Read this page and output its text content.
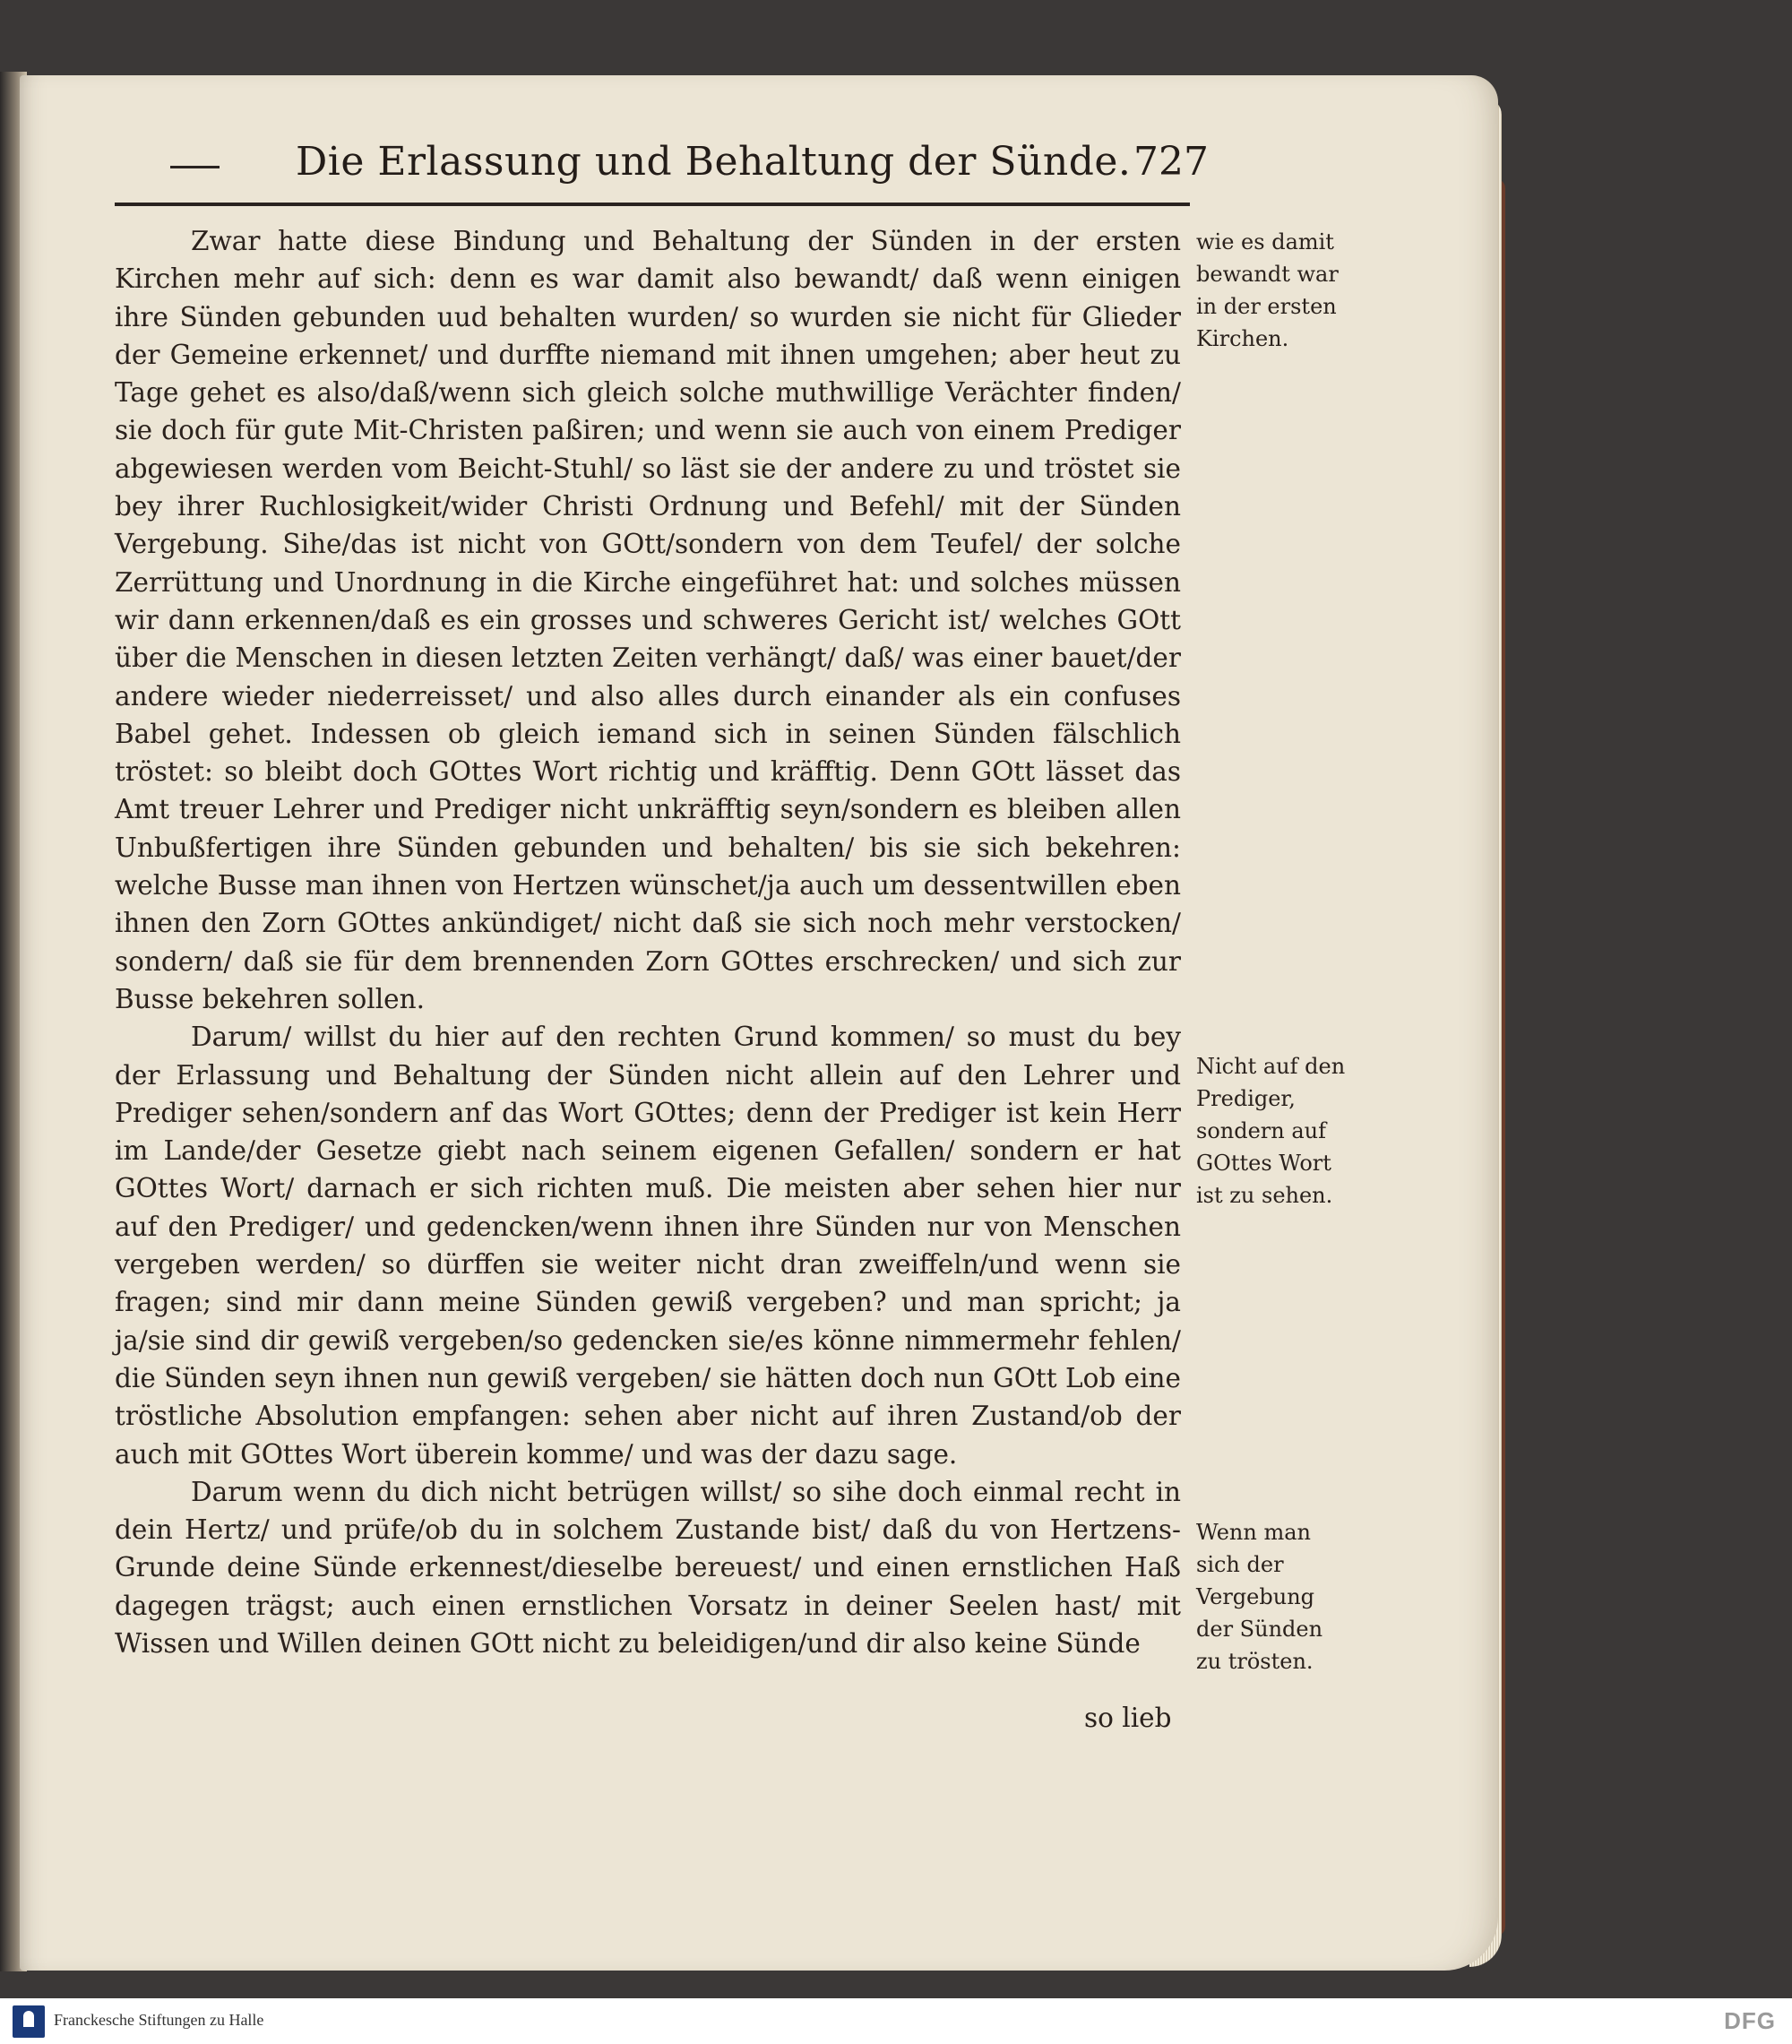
Die Erlassung und Behaltung der Sünde. 727

Zwar hatte diese Bindung und Behaltung der Sünden in der ersten Kirchen mehr auf sich: denn es war damit also bewandt/ daß wenn einigen ihre Sünden gebunden uud behalten wurden/ so wurden sie nicht für Glieder der Gemeine erkennet/ und durffte niemand mit ihnen umgehen; aber heut zu Tage gehet es also/daß/wenn sich gleich solche muthwillige Verächter finden/ sie doch für gute Mit-Christen paßiren; und wenn sie auch von einem Prediger abgewiesen werden vom Beicht-Stuhl/ so läst sie der andere zu und tröstet sie bey ihrer Ruchlosigkeit/wider Christi Ordnung und Befehl/ mit der Sünden Vergebung. Sihe/das ist nicht von GOtt/sondern von dem Teufel/ der solche Zerrüttung und Unordnung in die Kirche eingeführet hat: und solches müssen wir dann erkennen/daß es ein grosses und schweres Gericht ist/ welches GOtt über die Menschen in diesen letzten Zeiten verhängt/ daß/ was einer bauet/der andere wieder niederreisset/ und also alles durch einander als ein confuses Babel gehet. Indessen ob gleich iemand sich in seinen Sünden fälschlich tröstet: so bleibt doch GOttes Wort richtig und kräfftig. Denn GOtt lässet das Amt treuer Lehrer und Prediger nicht unkräfftig seyn/sondern es bleiben allen Unbußfertigen ihre Sünden gebunden und behalten/ bis sie sich bekehren: welche Busse man ihnen von Hertzen wünschet/ja auch um dessentwillen eben ihnen den Zorn GOttes ankündiget/ nicht daß sie sich noch mehr verstocken/ sondern/ daß sie für dem brennenden Zorn GOttes erschrecken/ und sich zur Busse bekehren sollen.

Darum/ willst du hier auf den rechten Grund kommen/ so must du bey der Erlassung und Behaltung der Sünden nicht allein auf den Lehrer und Prediger sehen/sondern anf das Wort GOttes; denn der Prediger ist kein Herr im Lande/der Gesetze giebt nach seinem eigenen Gefallen/ sondern er hat GOttes Wort/ darnach er sich richten muß. Die meisten aber sehen hier nur auf den Prediger/ und gedencken/wenn ihnen ihre Sünden nur von Menschen vergeben werden/ so dürffen sie weiter nicht dran zweiffeln/und wenn sie fragen; sind mir dann meine Sünden gewiß vergeben? und man spricht; ja ja/sie sind dir gewiß vergeben/so gedencken sie/es könne nimmermehr fehlen/ die Sünden seyn ihnen nun gewiß vergeben/ sie hätten doch nun GOtt Lob eine tröstliche Absolution empfangen: sehen aber nicht auf ihren Zustand/ob der auch mit GOttes Wort überein komme/ und was der dazu sage.

Darum wenn du dich nicht betrügen willst/ so sihe doch einmal recht in dein Hertz/ und prüfe/ob du in solchem Zustande bist/ daß du von Hertzens-Grunde deine Sünde erkennest/dieselbe bereuest/ und einen ernstlichen Haß dagegen trägst; auch einen ernstlichen Vorsatz in deiner Seelen hast/ mit Wissen und Willen deinen GOtt nicht zu beleidigen/und dir also keine Sünde

so lieb
wie es damit bewandt war in der ersten Kirchen.
Nicht auf den Prediger, sondern auf GOttes Wort ist zu sehen.
Wenn man sich der Vergebung der Sünden zu trösten.
Franckesche Stiftungen zu Halle	DFG
